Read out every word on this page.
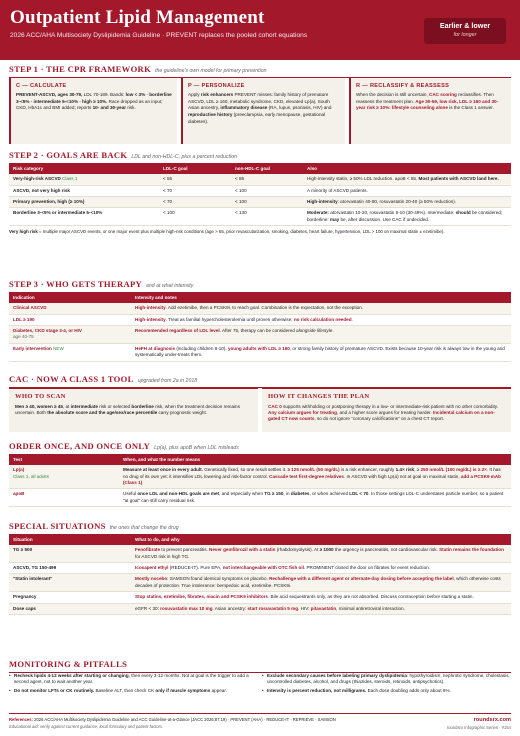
Outpatient Lipid Management
2026 ACC/AHA Multisociety Dyslipidemia Guideline · PREVENT replaces the pooled cohort equations
Earlier & lower
for longer
STEP 1 · THE CPR FRAMEWORK the guideline's own model for primary prevention
C — CALCULATE
PREVENT-ASCVD, ages 30-79, LDL 70-189. Bands: low < 3% · borderline 3-<5% · intermediate 5-<10% · high ≥ 10%. Race dropped as an input; CKD, HbA1c and BMI added; reports 10- and 30-year risk.
P — PERSONALIZE
Apply risk enhancers PREVENT misses: family history of premature ASCVD, LDL ≥ 160, metabolic syndrome, CKD, elevated Lp(a), South Asian ancestry, inflammatory disease (RA, lupus, psoriasis, HIV) and reproductive history (preeclampsia, early menopause, gestational diabetes).
R — RECLASSIFY & REASSESS
When the decision is still uncertain, CAC scoring reclassifies. Then reassess the treatment plan. Age 30-59, low risk, LDL ≥ 160 and 30-year risk ≥ 10%: lifestyle counseling alone is the Class 1 answer.
STEP 2 · GOALS ARE BACK LDL and non-HDL-C, plus a percent reduction
Risk category	LDL-C goal	non-HDL-C goal	Also
Very-high-risk ASCVD Class 1	< 55	< 85	High-intensity statin, ≥ 50% LDL reduction. apoB < 55. Most patients with ASCVD land here.
ASCVD, not very high risk	< 70	< 100	A minority of ASCVD patients.
Primary prevention, high (≥ 10%)	< 70	< 100	High-intensity: atorvastatin 40-80, rosuvastatin 20-40 (≥ 50% reduction).
Borderline 3-<5% or intermediate 5-<10%	< 100	< 130	Moderate: atorvastatin 10-20, rosuvastatin 5-10 (30-49%). Intermediate: should be considered; borderline: may be, after discussion. Use CAC if undecided.
Very high risk = multiple major ASCVD events, or one major event plus multiple high-risk conditions (age > 65, prior revascularization, smoking, diabetes, heart failure, hypertension, LDL > 100 on maximal statin ± ezetimibe).
STEP 3 · WHO GETS THERAPY and at what intensity
Indication	Intensity and notes
Clinical ASCVD	High-intensity. Add ezetimibe, then a PCSK9i, to reach goal. Combination is the expectation, not the exception.
LDL ≥ 190	High-intensity. Treat as familial hypercholesterolemia until proven otherwise; no risk calculation needed.
Diabetes, CKD stage 3-4, or HIV
age 40-75	Recommended regardless of LDL level. After 75, therapy can be considered alongside lifestyle.
Early intervention NEW	HeFH at diagnosis (including children 8-10), young adults with LDL ≥ 160, or strong family history of premature ASCVD. Exists because 10-year risk is always low in the young and systematically under-treats them.
CAC · NOW A CLASS 1 TOOL upgraded from 2a in 2018
WHO TO SCAN
Men ≥ 40, women ≥ 45, at intermediate risk or selected borderline risk, when the treatment decision remains uncertain. Both the absolute score and the age/sex/race percentile carry prognostic weight.
HOW IT CHANGES THE PLAN
CAC 0 supports withholding or postponing therapy in a low- or intermediate-risk patient with no other comorbidity. Any calcium argues for treating, and a higher score argues for treating harder. Incidental calcium on a non-gated CT now counts, so do not ignore "coronary calcifications" on a chest CT report.
ORDER ONCE, AND ONCE ONLY Lp(a), plus apoB when LDL misleads
Test	When, and what the number means
Lp(a)
Class 1, all adults	Measure at least once in every adult. Genetically fixed, so one result settles it. ≥ 125 nmol/L (50 mg/dL) is a risk enhancer, roughly 1.4× risk; ≥ 250 nmol/L (100 mg/dL) is ≥ 2×. It has no drug of its own yet: it intensifies LDL lowering and risk-factor control. Cascade test first-degree relatives. In ASCVD with high Lp(a) not at goal on maximal statin, add a PCSK9 mAb (Class 1).
apoB	Useful once LDL and non-HDL goals are met, and especially when TG ≥ 150, in diabetes, or when achieved LDL < 70. In those settings LDL-C understates particle number, so a patient "at goal" can still carry residual risk.
SPECIAL SITUATIONS the ones that change the drug
Situation	What to do, and why
TG ≥ 500	Fenofibrate to prevent pancreatitis. Never gemfibrozil with a statin (rhabdomyolysis). At ≥ 1000 the urgency is pancreatitis, not cardiovascular risk. Statin remains the foundation for ASCVD risk in high TG.
ASCVD, TG 150-499	Icosapent ethyl (REDUCE-IT). Pure EPA, not interchangeable with OTC fish oil. PROMINENT closed the door on fibrates for event reduction.
"Statin intolerant"	Mostly nocebo: SAMSON found identical symptoms on placebo. Rechallenge with a different agent or alternate-day dosing before accepting the label, which otherwise costs decades of protection. True intolerance: bempedoic acid, ezetimibe, PCSK9i.
Pregnancy	Stop statins, ezetimibe, fibrates, niacin and PCSK9 inhibitors. Bile acid sequestrants only, as they are not absorbed. Discuss contraception before starting a statin.
Dose caps	eGFR < 30: rosuvastatin max 10 mg. Asian ancestry: start rosuvastatin 5 mg. HIV: pitavastatin, minimal antiretroviral interaction.
MONITORING & PITFALLS
• Recheck lipids 4-12 weeks after starting or changing, then every 3-12 months. Not at goal is the trigger to add a second agent, not to wait another year.
• Do not monitor LFTs or CK routinely. Baseline ALT, then check CK only if muscle symptoms appear.
• Exclude secondary causes before labeling primary dyslipidemia: hypothyroidism, nephrotic syndrome, cholestasis, uncontrolled diabetes, alcohol, and drugs (thiazides, steroids, retinoids, antipsychotics).
• Intensity is percent reduction, not milligrams. Each dose doubling adds only about 6%.
References: 2026 ACC/AHA Multisociety Dyslipidemia Guideline and ACC Guideline-at-a-Glance (JACC 2026;87:19) · PREVENT (AHA) · REDUCE-IT · REPRIEVE · SAMSON
Educational aid: verify against current guidance, local formulary and patient factors.
roundsrx.com
roundsrx Infographic Series · #154
